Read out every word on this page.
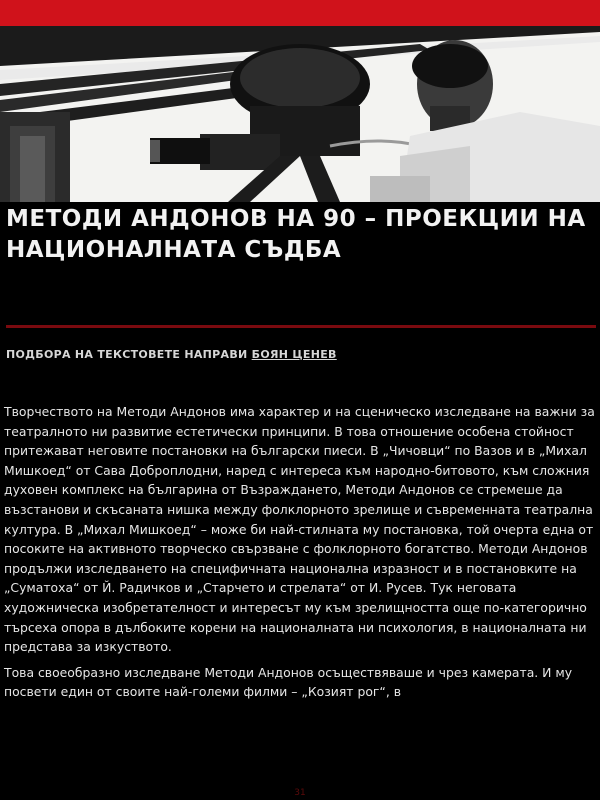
МЕТОДИ АНДОНОВ НА 90 – ПРОЕКЦИИ НА НАЦИОНАЛНАТА СЪДБА
ПОДБОРА НА ТЕКСТОВЕТЕ НАПРАВИ БОЯН ЦЕНЕВ

Творчеството на Методи Андонов има характер и на сценическо изследване на важни за театралното ни развитие естетически принципи. В това отношение особена стойност притежават неговите постановки на български пиеси. В „Чичовци“ по Вазов и в „Михал Мишкоед“ от Сава Доброплодни, наред с интереса към народно-битовото, към сложния духовен комплекс на българина от Възраждането, Методи Андонов се стремеше да възстанови и скъсаната нишка между фолклорното зрелище и съвременната театрална култура. В „Михал Мишкоед“ – може би най-стилната му постановка, той очерта една от посоките на активното творческо свързване с фолклорното богатство. Методи Андонов продължи изследването на специфичната национална изразност и в постановките на „Суматоха“ от Й. Радичков и „Старчето и стрелата“ от И. Русев. Тук неговата художническа изобретателност и интересът му към зрелищността още по-категорично търсеха опора в дълбоките корени на националната ни психология, в националната ни представа за изкуството.

Това своеобразно изследване Методи Андонов осъществяваше и чрез камерата. И му посвети един от своите най-големи филми – „Козият рог“, в

31
